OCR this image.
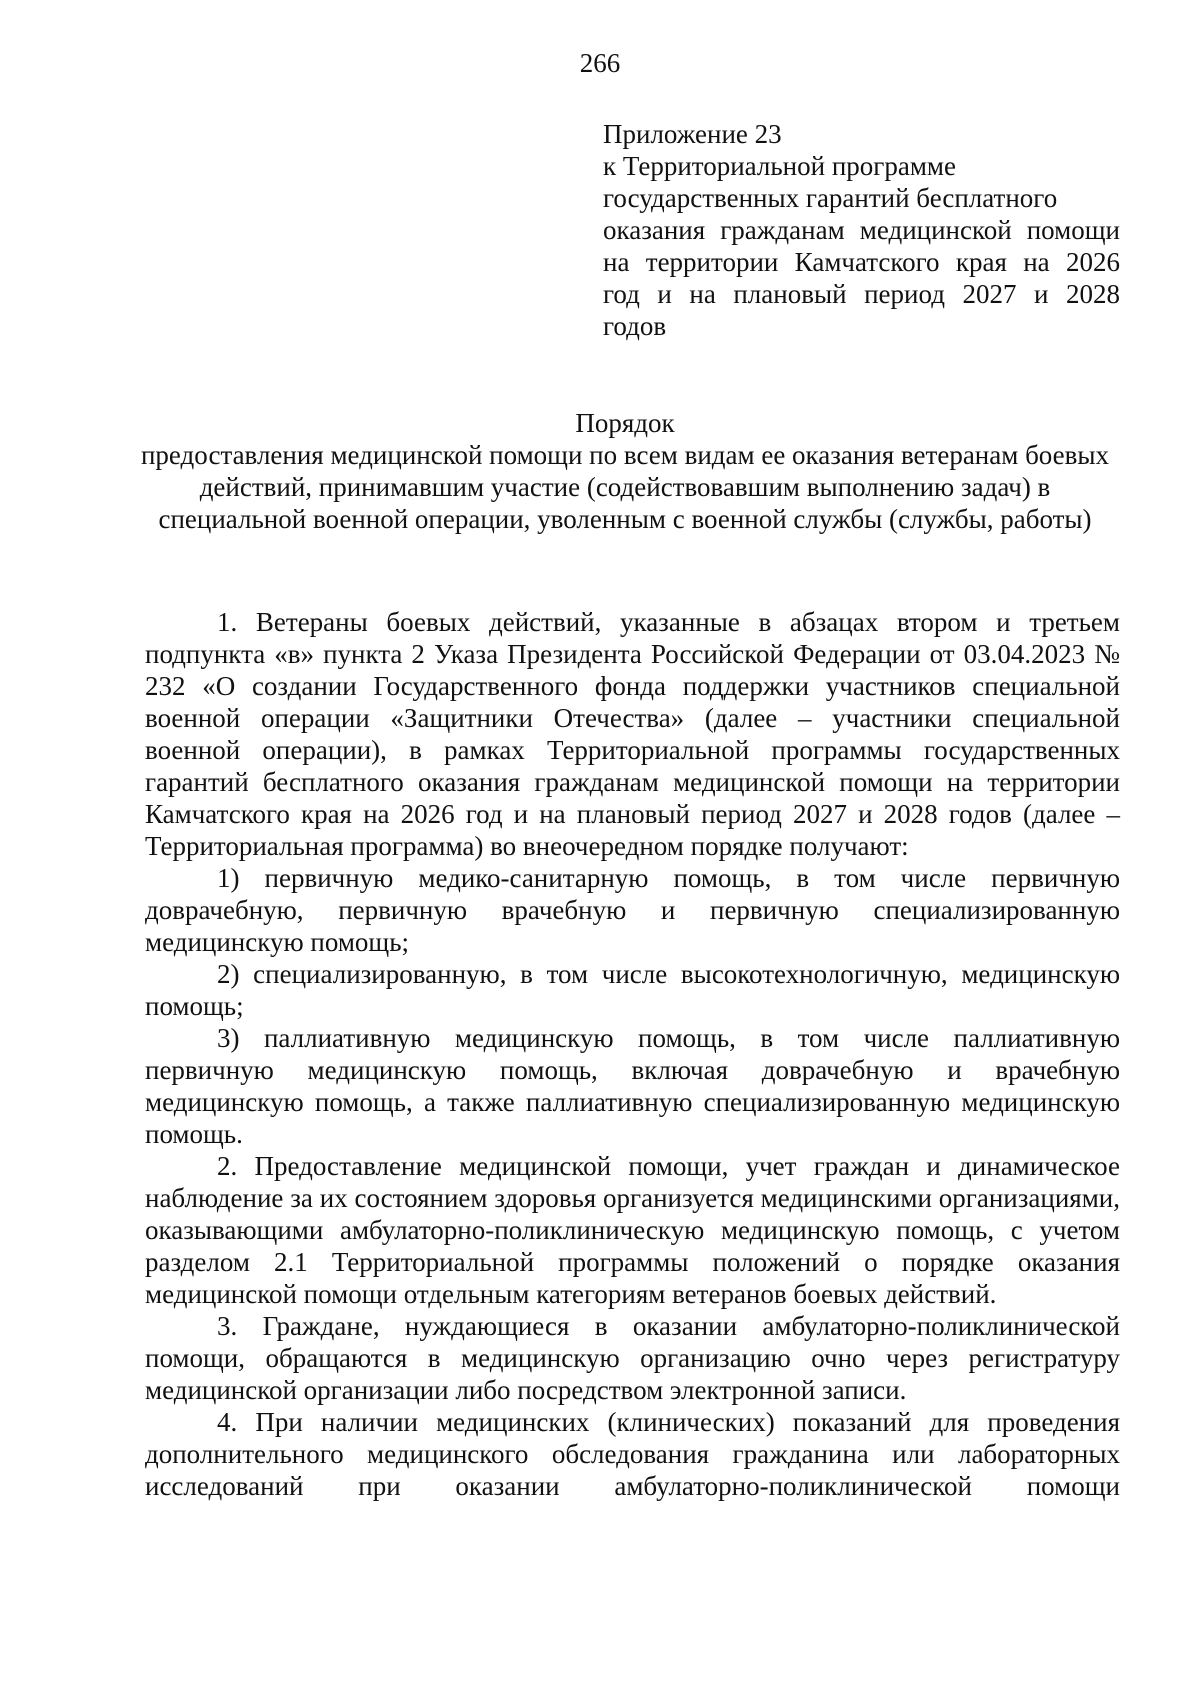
266
Приложение 23
к Территориальной программе
государственных гарантий бесплатного
оказания гражданам медицинской помощи
на территории Камчатского края на 2026
год и на плановый период 2027 и 2028
годов
Порядок
предоставления медицинской помощи по всем видам ее оказания ветеранам боевых действий, принимавшим участие (содействовавшим выполнению задач) в специальной военной операции, уволенным с военной службы (службы, работы)

1. Ветераны боевых действий, указанные в абзацах втором и третьем подпункта «в» пункта 2 Указа Президента Российской Федерации от 03.04.2023 № 232 «О создании Государственного фонда поддержки участников специальной военной операции «Защитники Отечества» (далее – участники специальной военной операции), в рамках Территориальной программы государственных гарантий бесплатного оказания гражданам медицинской помощи на территории Камчатского края на 2026 год и на плановый период 2027 и 2028 годов (далее – Территориальная программа) во внеочередном порядке получают:

1) первичную медико-санитарную помощь, в том числе первичную доврачебную, первичную врачебную и первичную специализированную медицинскую помощь;

2) специализированную, в том числе высокотехнологичную, медицинскую помощь;

3) паллиативную медицинскую помощь, в том числе паллиативную первичную медицинскую помощь, включая доврачебную и врачебную медицинскую помощь, а также паллиативную специализированную медицинскую помощь.

2. Предоставление медицинской помощи, учет граждан и динамическое наблюдение за их состоянием здоровья организуется медицинскими организациями, оказывающими амбулаторно-поликлиническую медицинскую помощь, с учетом разделом 2.1 Территориальной программы положений о порядке оказания медицинской помощи отдельным категориям ветеранов боевых действий.

3. Граждане, нуждающиеся в оказании амбулаторно-поликлинической помощи, обращаются в медицинскую организацию очно через регистратуру медицинской организации либо посредством электронной записи.

4. При наличии медицинских (клинических) показаний для проведения дополнительного медицинского обследования гражданина или лабораторных исследований при оказании амбулаторно-поликлинической помощи
